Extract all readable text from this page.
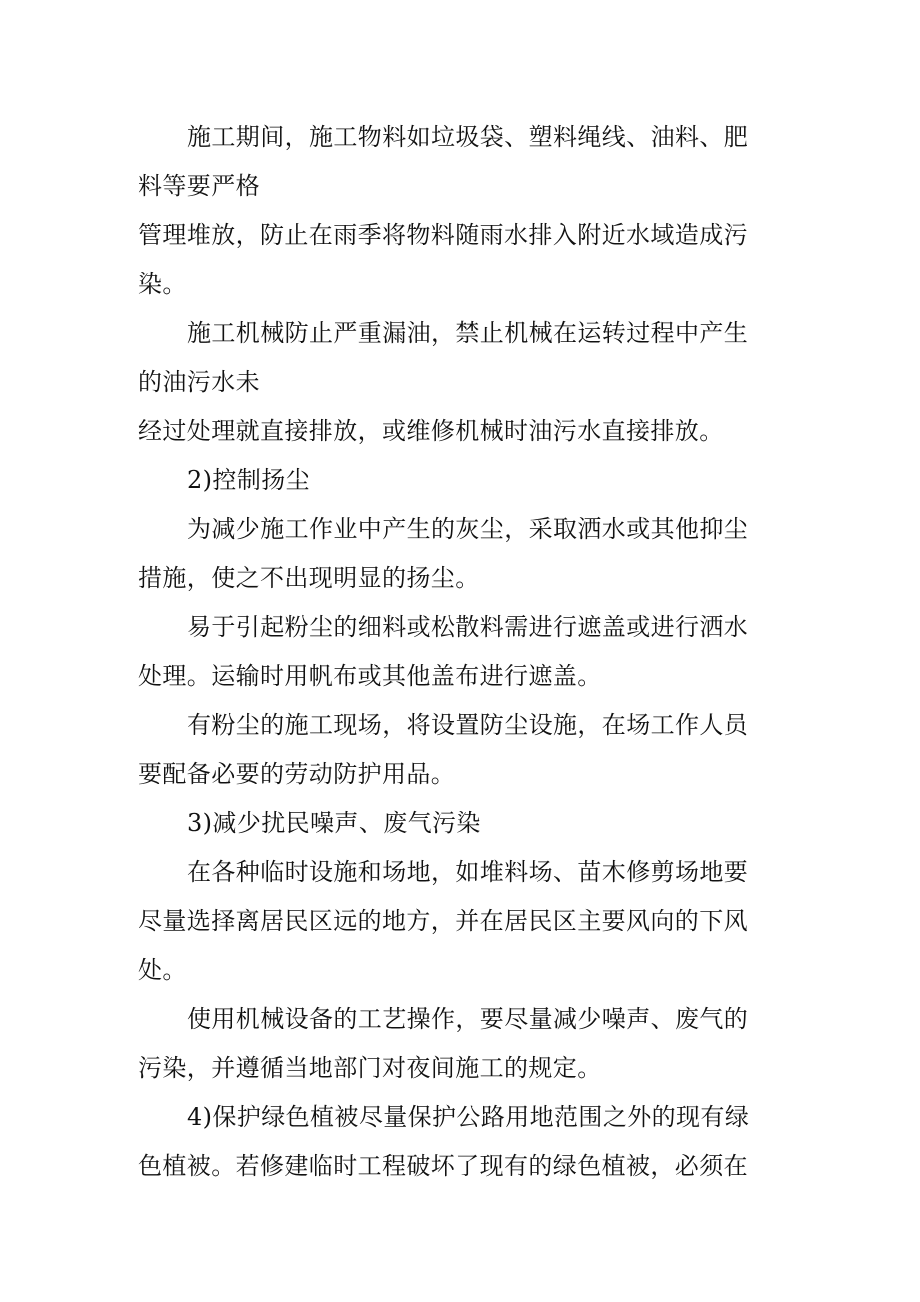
施工期间，施工物料如垃圾袋、塑料绳线、油料、肥料等要严格

管理堆放，防止在雨季将物料随雨水排入附近水域造成污染。

施工机械防止严重漏油，禁止机械在运转过程中产生的油污水未

经过处理就直接排放，或维修机械时油污水直接排放。

2)控制扬尘

为减少施工作业中产生的灰尘，采取洒水或其他抑尘措施，使之不出现明显的扬尘。

易于引起粉尘的细料或松散料需进行遮盖或进行洒水处理。运输时用帆布或其他盖布进行遮盖。

有粉尘的施工现场，将设置防尘设施，在场工作人员要配备必要的劳动防护用品。

3)减少扰民噪声、废气污染

在各种临时设施和场地，如堆料场、苗木修剪场地要尽量选择离居民区远的地方，并在居民区主要风向的下风处。

使用机械设备的工艺操作，要尽量减少噪声、废气的污染，并遵循当地部门对夜间施工的规定。

4)保护绿色植被尽量保护公路用地范围之外的现有绿色植被。若修建临时工程破坏了现有的绿色植被，必须在
